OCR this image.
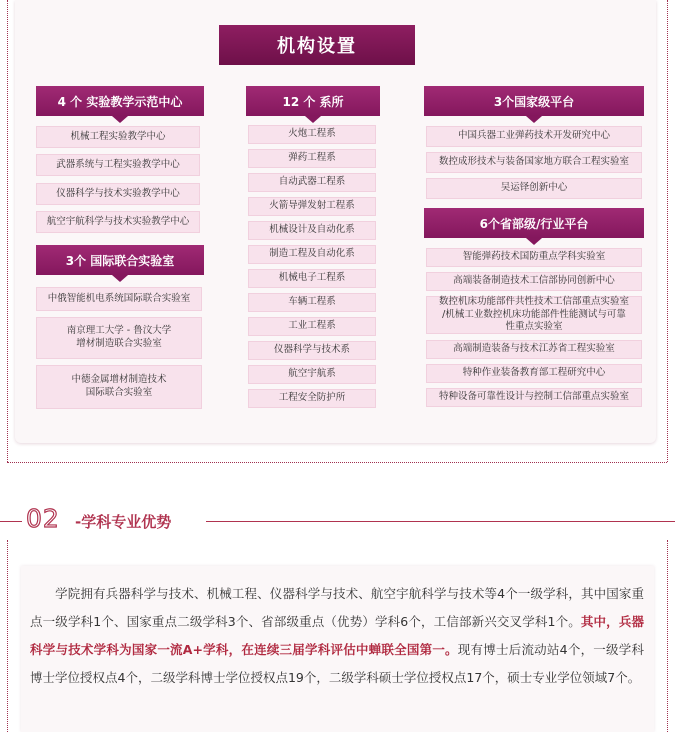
机构设置
4 个 实验教学示范中心
机械工程实验教学中心
武器系统与工程实验教学中心
仪器科学与技术实验教学中心
航空宇航科学与技术实验教学中心
3个 国际联合实验室
中俄智能机电系统国际联合实验室
南京理工大学 - 鲁汶大学
增材制造联合实验室
中德金属增材制造技术
国际联合实验室
12 个 系所
火炮工程系
弹药工程系
自动武器工程系
火箭导弹发射工程系
机械设计及自动化系
制造工程及自动化系
机械电子工程系
车辆工程系
工业工程系
仪器科学与技术系
航空宇航系
工程安全防护所
3个国家级平台
中国兵器工业弹药技术开发研究中心
数控成形技术与装备国家地方联合工程实验室
吴运铎创新中心
6个省部级/行业平台
智能弹药技术国防重点学科实验室
高端装备制造技术工信部协同创新中心
数控机床功能部件共性技术工信部重点实验室
/机械工业数控机床功能部件性能测试与可靠
性重点实验室
高端制造装备与技术江苏省工程实验室
特种作业装备教育部工程研究中心
特种设备可靠性设计与控制工信部重点实验室
02 -学科专业优势
学院拥有兵器科学与技术、机械工程、仪器科学与技术、航空宇航科学与技术等4个一级学科，其中国家重点一级学科1个、国家重点二级学科3个、省部级重点（优势）学科6个，工信部新兴交叉学科1个。其中，兵器科学与技术学科为国家一流A+学科，在连续三届学科评估中蝉联全国第一。现有博士后流动站4个，一级学科博士学位授权点4个，二级学科博士学位授权点19个，二级学科硕士学位授权点17个，硕士专业学位领域7个。
